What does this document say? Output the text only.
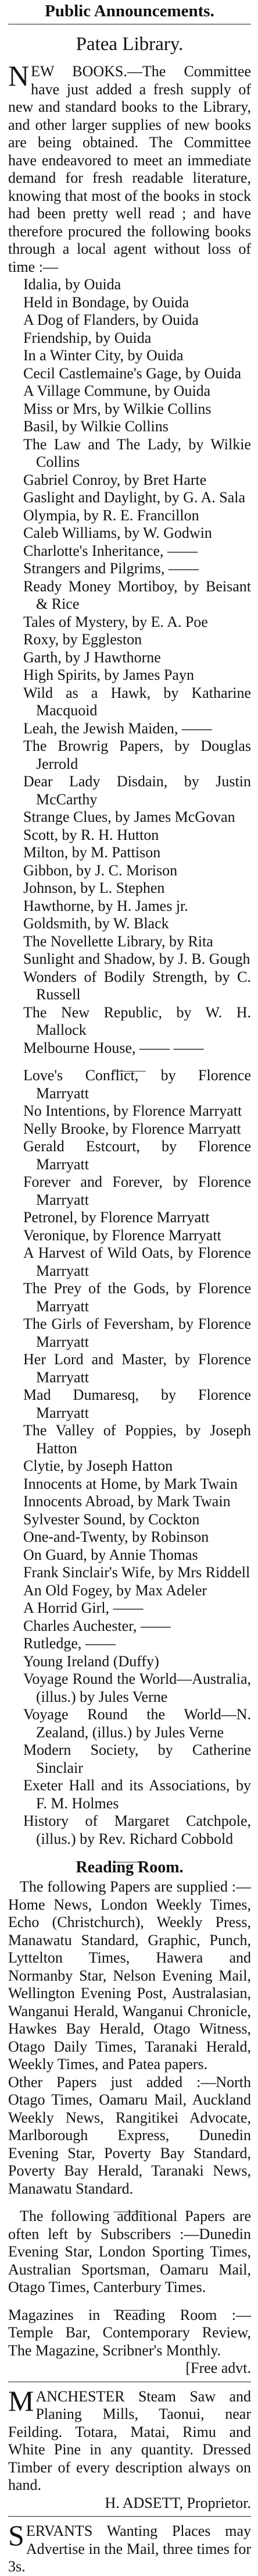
Public Announcements.
Patea Library.

NEW BOOKS.—The Committee have just added a fresh supply of new and standard books to the Library, and other larger supplies of new books are being obtained. The Committee have endeavored to meet an immediate demand for fresh readable literature, knowing that most of the books in stock had been pretty well read ; and have therefore procured the following books through a local agent without loss of time :—

Idalia, by Ouida
Held in Bondage, by Ouida
A Dog of Flanders, by Ouida
Friendship, by Ouida
In a Winter City, by Ouida
Cecil Castlemaine's Gage, by Ouida
A Village Commune, by Ouida
Miss or Mrs, by Wilkie Collins
Basil, by Wilkie Collins
The Law and The Lady, by Wilkie Collins
Gabriel Conroy, by Bret Harte
Gaslight and Daylight, by G. A. Sala
Olympia, by R. E. Francillon
Caleb Williams, by W. Godwin
Charlotte's Inheritance, ——
Strangers and Pilgrims, ——
Ready Money Mortiboy, by Beisant & Rice
Tales of Mystery, by E. A. Poe
Roxy, by Eggleston
Garth, by J Hawthorne
High Spirits, by James Payn
Wild as a Hawk, by Katharine Macquoid
Leah, the Jewish Maiden, ——
The Browrig Papers, by Douglas Jerrold
Dear Lady Disdain, by Justin McCarthy
Strange Clues, by James McGovan
Scott, by R. H. Hutton
Milton, by M. Pattison
Gibbon, by J. C. Morison
Johnson, by L. Stephen
Hawthorne, by H. James jr.
Goldsmith, by W. Black
The Novellette Library, by Rita
Sunlight and Shadow, by J. B. Gough
Wonders of Bodily Strength, by C. Russell
The New Republic, by W. H. Mallock
Melbourne House, —— ——
Love's Conflict, by Florence Marryatt
No Intentions, by Florence Marryatt
Nelly Brooke, by Florence Marryatt
Gerald Estcourt, by Florence Marryatt
Forever and Forever, by Florence Marryatt
Petronel, by Florence Marryatt
Veronique, by Florence Marryatt
A Harvest of Wild Oats, by Florence Marryatt
The Prey of the Gods, by Florence Marryatt
The Girls of Feversham, by Florence Marryatt
Her Lord and Master, by Florence Marryatt
Mad Dumaresq, by Florence Marryatt
The Valley of Poppies, by Joseph Hatton
Clytie, by Joseph Hatton
Innocents at Home, by Mark Twain
Innocents Abroad, by Mark Twain
Sylvester Sound, by Cockton
One-and-Twenty, by Robinson
On Guard, by Annie Thomas
Frank Sinclair's Wife, by Mrs Riddell
An Old Fogey, by Max Adeler
A Horrid Girl, ——
Charles Auchester, ——
Rutledge, ——
Young Ireland (Duffy)
Voyage Round the World—Australia, (illus.) by Jules Verne
Voyage Round the World—N. Zealand, (illus.) by Jules Verne
Modern Society, by Catherine Sinclair
Exeter Hall and its Associations, by F. M. Holmes
History of Margaret Catchpole, (illus.) by Rev. Richard Cobbold
Reading Room.

The following Papers are supplied :— Home News, London Weekly Times, Echo (Christchurch), Weekly Press, Manawatu Standard, Graphic, Punch, Lyttelton Times, Hawera and Normanby Star, Nelson Evening Mail, Wellington Evening Post, Australasian, Wanganui Herald, Wanganui Chronicle, Hawkes Bay Herald, Otago Witness, Otago Daily Times, Taranaki Herald, Weekly Times, and Patea papers.

Other Papers just added :—North Otago Times, Oamaru Mail, Auckland Weekly News, Rangitikei Advocate, Marlborough Express, Dunedin Evening Star, Poverty Bay Standard, Poverty Bay Herald, Taranaki News, Manawatu Standard.

The following additional Papers are often left by Subscribers :—Dunedin Evening Star, London Sporting Times, Australian Sportsman, Oamaru Mail, Otago Times, Canterbury Times.

Magazines in Reading Room :—Temple Bar, Contemporary Review, The Magazine, Scribner's Monthly.

[Free advt.

MANCHESTER Steam Saw and Planing Mills, Taonui, near Feilding. Totara, Matai, Rimu and White Pine in any quantity. Dressed Timber of every description always on hand.

H. ADSETT, Proprietor.

SERVANTS Wanting Places may Advertise in the Mail, three times for 3s.
